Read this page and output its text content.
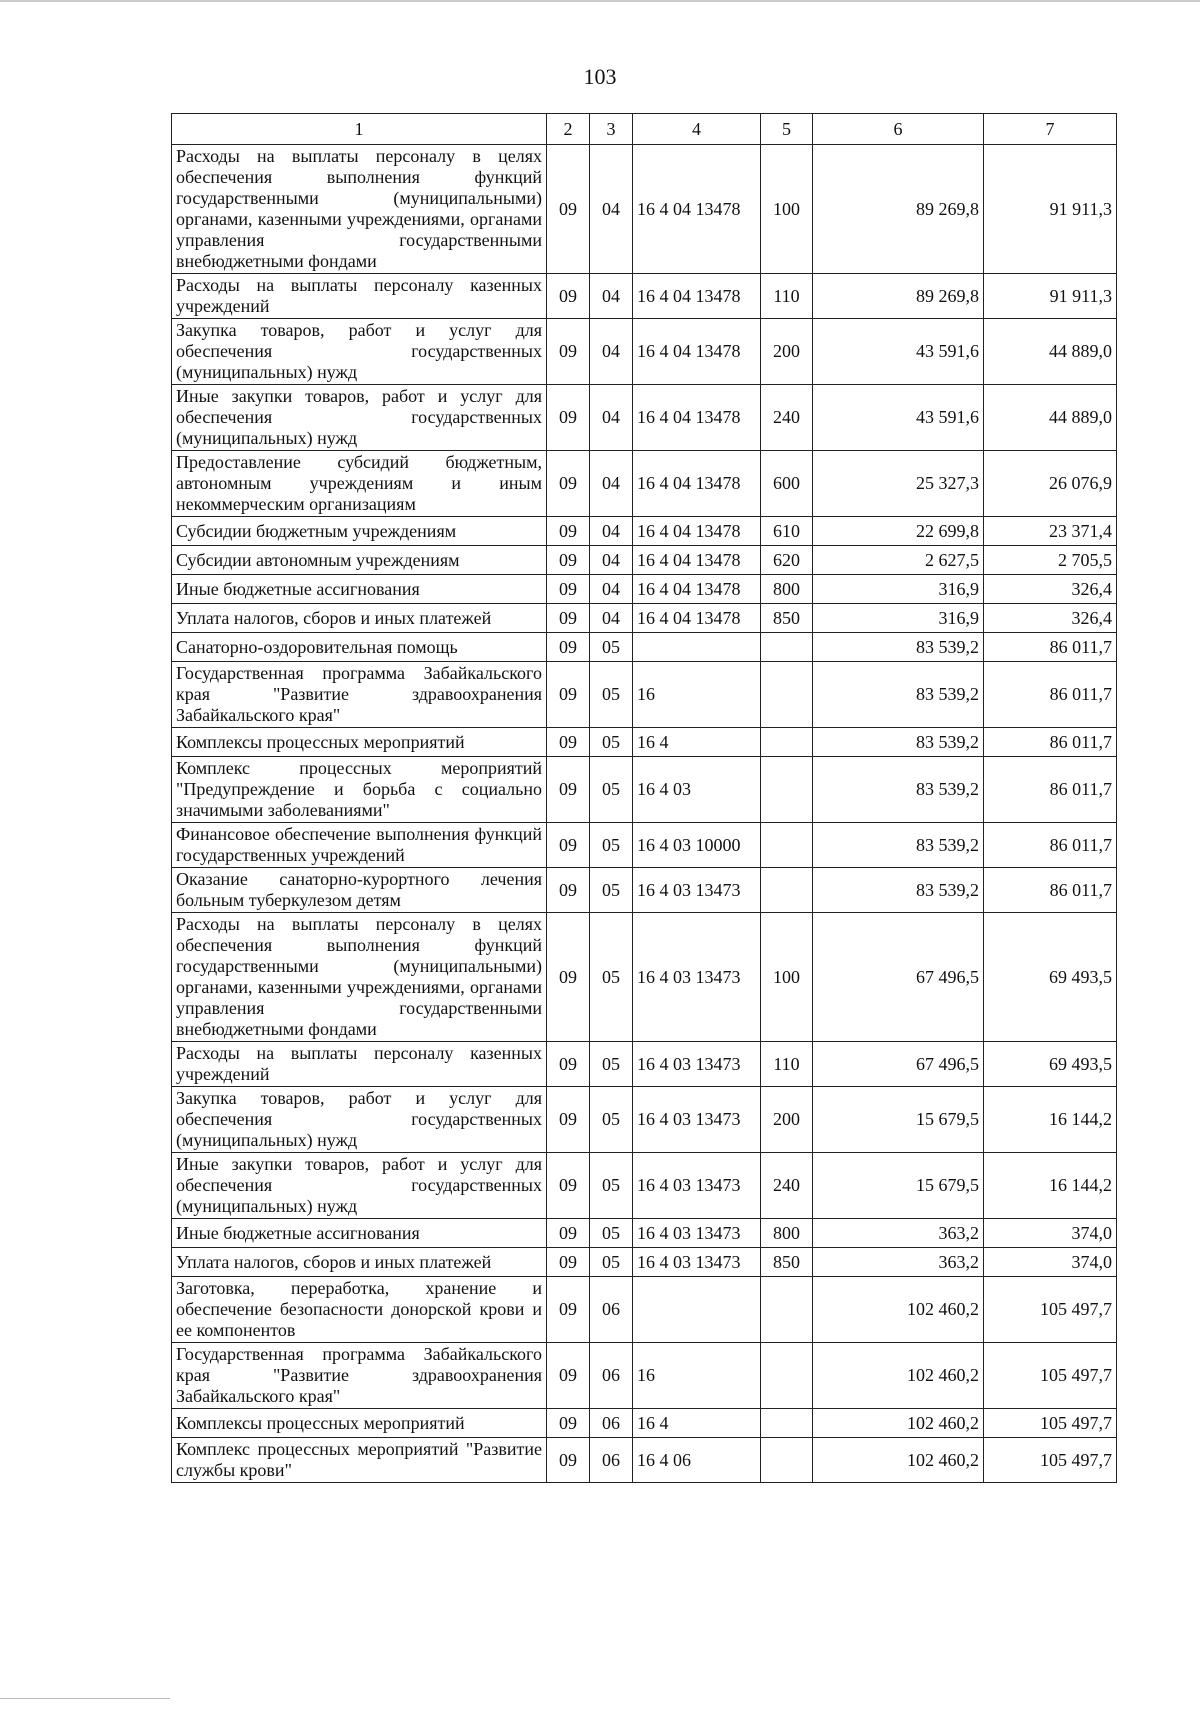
103
1	2	3	4	5	6	7
Расходы на выплаты персоналу в целях обеспечения выполнения функций государственными (муниципальными) органами, казенными учреждениями, органами управления государственными внебюджетными фондами	09	04	16 4 04 13478	100	89 269,8	91 911,3
Расходы на выплаты персоналу казенных учреждений	09	04	16 4 04 13478	110	89 269,8	91 911,3
Закупка товаров, работ и услуг для обеспечения государственных (муниципальных) нужд	09	04	16 4 04 13478	200	43 591,6	44 889,0
Иные закупки товаров, работ и услуг для обеспечения государственных (муниципальных) нужд	09	04	16 4 04 13478	240	43 591,6	44 889,0
Предоставление субсидий бюджетным, автономным учреждениям и иным некоммерческим организациям	09	04	16 4 04 13478	600	25 327,3	26 076,9
Субсидии бюджетным учреждениям	09	04	16 4 04 13478	610	22 699,8	23 371,4
Субсидии автономным учреждениям	09	04	16 4 04 13478	620	2 627,5	2 705,5
Иные бюджетные ассигнования	09	04	16 4 04 13478	800	316,9	326,4
Уплата налогов, сборов и иных платежей	09	04	16 4 04 13478	850	316,9	326,4
Санаторно-оздоровительная помощь	09	05			83 539,2	86 011,7
Государственная программа Забайкальского края "Развитие здравоохранения Забайкальского края"	09	05	16		83 539,2	86 011,7
Комплексы процессных мероприятий	09	05	16 4		83 539,2	86 011,7
Комплекс процессных мероприятий "Предупреждение и борьба с социально значимыми заболеваниями"	09	05	16 4 03		83 539,2	86 011,7
Финансовое обеспечение выполнения функций государственных учреждений	09	05	16 4 03 10000		83 539,2	86 011,7
Оказание санаторно-курортного лечения больным туберкулезом детям	09	05	16 4 03 13473		83 539,2	86 011,7
Расходы на выплаты персоналу в целях обеспечения выполнения функций государственными (муниципальными) органами, казенными учреждениями, органами управления государственными внебюджетными фондами	09	05	16 4 03 13473	100	67 496,5	69 493,5
Расходы на выплаты персоналу казенных учреждений	09	05	16 4 03 13473	110	67 496,5	69 493,5
Закупка товаров, работ и услуг для обеспечения государственных (муниципальных) нужд	09	05	16 4 03 13473	200	15 679,5	16 144,2
Иные закупки товаров, работ и услуг для обеспечения государственных (муниципальных) нужд	09	05	16 4 03 13473	240	15 679,5	16 144,2
Иные бюджетные ассигнования	09	05	16 4 03 13473	800	363,2	374,0
Уплата налогов, сборов и иных платежей	09	05	16 4 03 13473	850	363,2	374,0
Заготовка, переработка, хранение и обеспечение безопасности донорской крови и ее компонентов	09	06			102 460,2	105 497,7
Государственная программа Забайкальского края "Развитие здравоохранения Забайкальского края"	09	06	16		102 460,2	105 497,7
Комплексы процессных мероприятий	09	06	16 4		102 460,2	105 497,7
Комплекс процессных мероприятий "Развитие службы крови"	09	06	16 4 06		102 460,2	105 497,7
